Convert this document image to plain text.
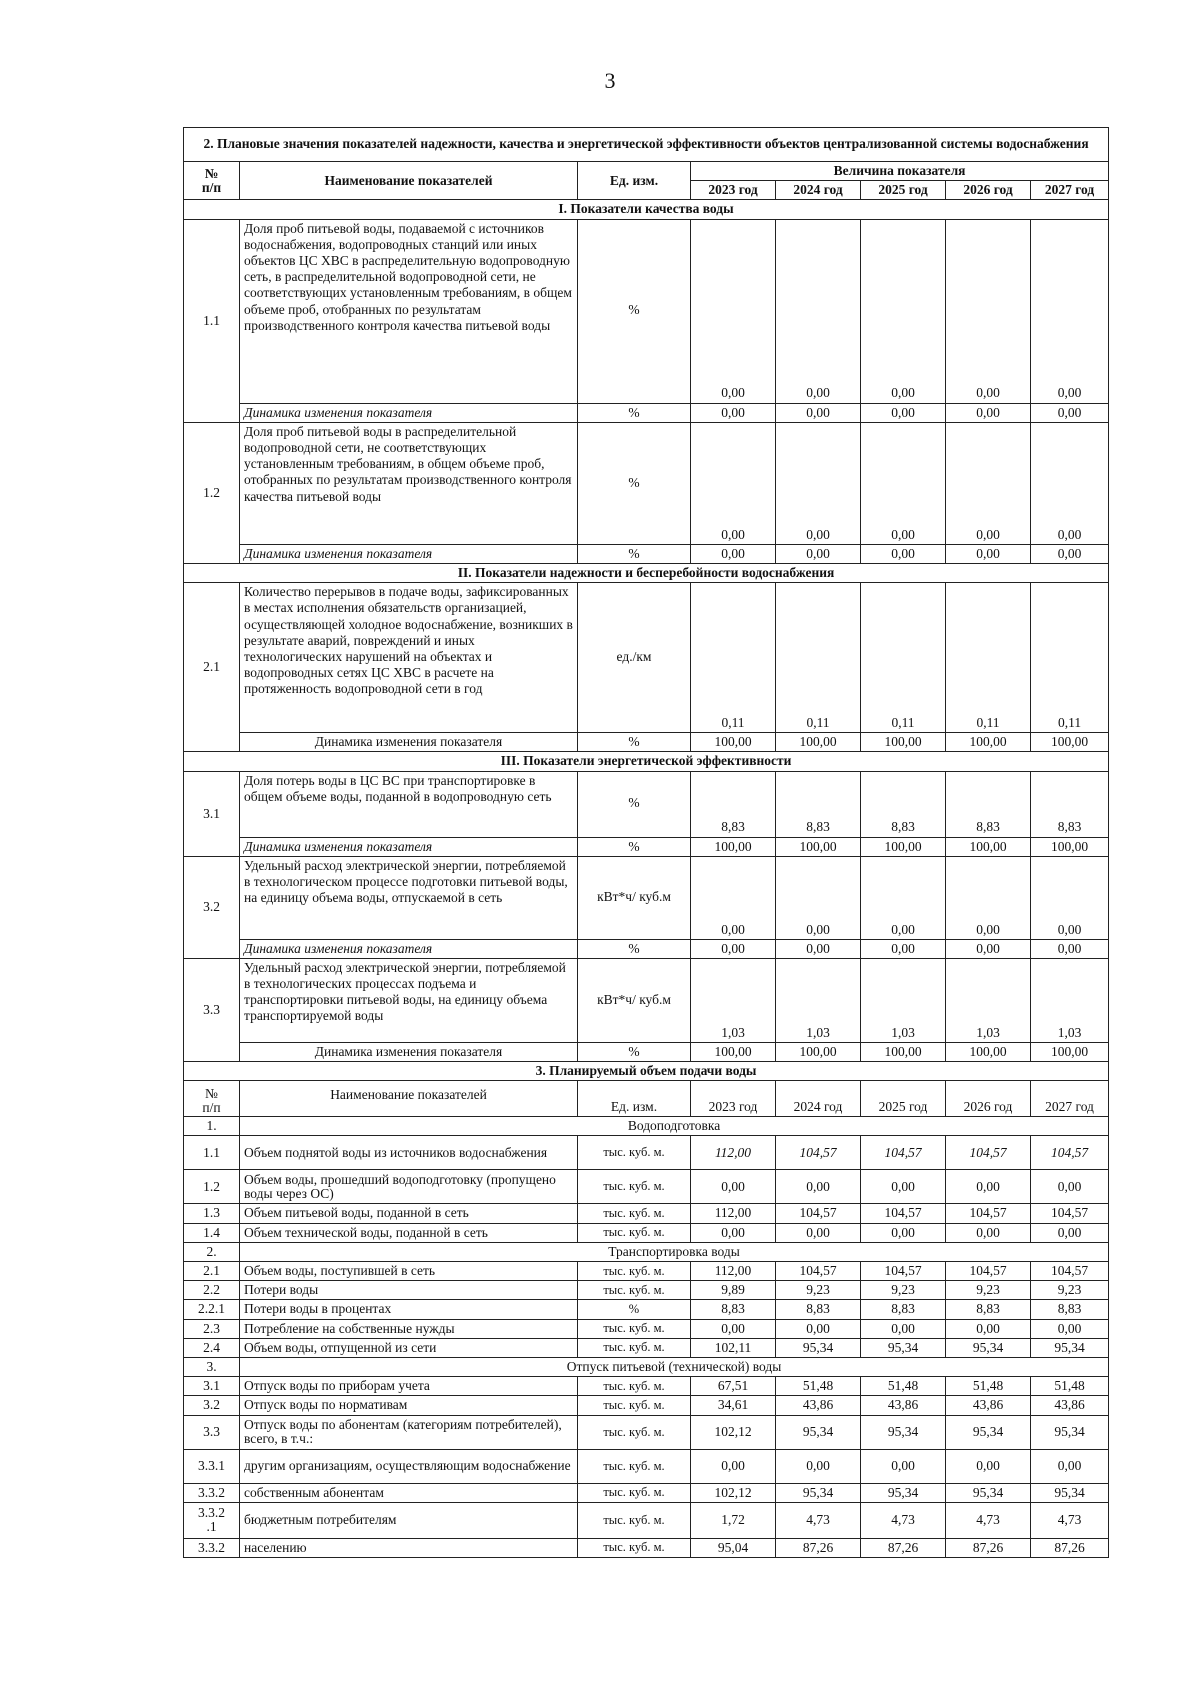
3
2. Плановые значения показателей надежности, качества и энергетической эффективности объектов централизованной системы водоснабжения							
№
п/п	Наименование показателей	Ед. изм.	Величина показателя				
			2023 год	2024 год	2025 год	2026 год	2027 год
I. Показатели качества воды							
1.1	Доля проб питьевой воды, подаваемой с источников водоснабжения, водопроводных станций или иных объектов ЦС ХВС в распределительную водопроводную сеть, в распределительной водопроводной сети, не соответствующих установленным требованиям, в общем объеме проб, отобранных по результатам производственного контроля качества питьевой воды	%	0,00	0,00	0,00	0,00	0,00
	Динамика изменения показателя	%	0,00	0,00	0,00	0,00	0,00
1.2	Доля проб питьевой воды в распределительной водопроводной сети, не соответствующих установленным требованиям, в общем объеме проб, отобранных по результатам производственного контроля качества питьевой воды	%	0,00	0,00	0,00	0,00	0,00
	Динамика изменения показателя	%	0,00	0,00	0,00	0,00	0,00
II. Показатели надежности и бесперебойности водоснабжения							
2.1	Количество перерывов в подаче воды, зафиксированных в местах исполнения обязательств организацией, осуществляющей холодное водоснабжение, возникших в результате аварий, повреждений и иных технологических нарушений на объектах и водопроводных сетях ЦС ХВС в расчете на протяженность водопроводной сети в год	ед./км	0,11	0,11	0,11	0,11	0,11
	Динамика изменения показателя	%	100,00	100,00	100,00	100,00	100,00
III. Показатели энергетической эффективности							
3.1	Доля потерь воды в ЦС ВС при транспортировке в общем объеме воды, поданной в водопроводную сеть	%	8,83	8,83	8,83	8,83	8,83
	Динамика изменения показателя	%	100,00	100,00	100,00	100,00	100,00
3.2	Удельный расход электрической энергии, потребляемой в технологическом процессе подготовки питьевой воды, на единицу объема воды, отпускаемой в сеть	кВт*ч/ куб.м	0,00	0,00	0,00	0,00	0,00
	Динамика изменения показателя	%	0,00	0,00	0,00	0,00	0,00
3.3	Удельный расход электрической энергии, потребляемой в технологических процессах подъема и транспортировки питьевой воды, на единицу объема транспортируемой воды	кВт*ч/ куб.м	1,03	1,03	1,03	1,03	1,03
	Динамика изменения показателя	%	100,00	100,00	100,00	100,00	100,00
3. Планируемый объем подачи воды							
№
п/п	Наименование показателей	Ед. изм.	2023 год	2024 год	2025 год	2026 год	2027 год
1.	Водоподготовка						
1.1	Объем поднятой воды из источников водоснабжения	тыс. куб. м.	112,00	104,57	104,57	104,57	104,57
1.2	Объем воды, прошедший водоподготовку (пропущено воды через ОС)	тыс. куб. м.	0,00	0,00	0,00	0,00	0,00
1.3	Объем питьевой воды, поданной в сеть	тыс. куб. м.	112,00	104,57	104,57	104,57	104,57
1.4	Объем технической воды, поданной в сеть	тыс. куб. м.	0,00	0,00	0,00	0,00	0,00
2.	Транспортировка воды						
2.1	Объем воды, поступившей в сеть	тыс. куб. м.	112,00	104,57	104,57	104,57	104,57
2.2	Потери воды	тыс. куб. м.	9,89	9,23	9,23	9,23	9,23
2.2.1	Потери воды в процентах	%	8,83	8,83	8,83	8,83	8,83
2.3	Потребление на собственные нужды	тыс. куб. м.	0,00	0,00	0,00	0,00	0,00
2.4	Объем воды, отпущенной из сети	тыс. куб. м.	102,11	95,34	95,34	95,34	95,34
3.	Отпуск питьевой (технической) воды						
3.1	Отпуск воды по приборам учета	тыс. куб. м.	67,51	51,48	51,48	51,48	51,48
3.2	Отпуск воды по нормативам	тыс. куб. м.	34,61	43,86	43,86	43,86	43,86
3.3	Отпуск воды по абонентам (категориям потребителей), всего, в т.ч.:	тыс. куб. м.	102,12	95,34	95,34	95,34	95,34
3.3.1	другим организациям, осуществляющим водоснабжение	тыс. куб. м.	0,00	0,00	0,00	0,00	0,00
3.3.2	собственным абонентам	тыс. куб. м.	102,12	95,34	95,34	95,34	95,34
3.3.2
.1	бюджетным потребителям	тыс. куб. м.	1,72	4,73	4,73	4,73	4,73
3.3.2	населению	тыс. куб. м.	95,04	87,26	87,26	87,26	87,26
